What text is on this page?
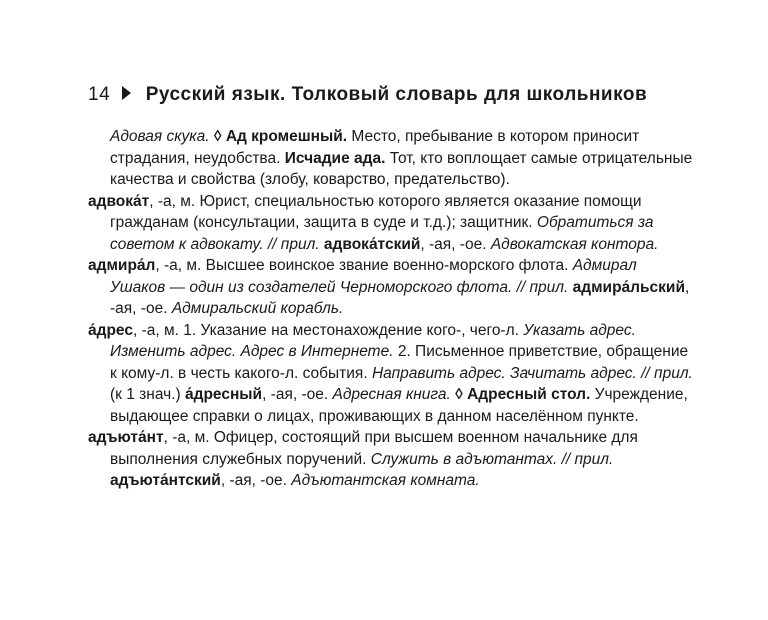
14 Русский язык. Толковый словарь для школьников

Адовая скука. ◊ Ад кромешный. Место, пребывание в котором приносит страдания, неудобства. Исчадие ада. Тот, кто воплощает самые отрицательные качества и свойства (злобу, коварство, предательство).

адвока́т, -а, м. Юрист, специальностью которого является оказание помощи гражданам (консультации, защита в суде и т.д.); защитник. Обратиться за советом к адвокату. // прил. адвока́тский, -ая, -ое. Адвокатская контора.

адмира́л, -а, м. Высшее воинское звание военно-морского флота. Адмирал Ушаков — один из создателей Черноморского флота. // прил. адмира́льский, -ая, -ое. Адмиральский корабль.

а́дрес, -а, м. 1. Указание на местонахождение кого-, чего-л. Указать адрес. Изменить адрес. Адрес в Интернете. 2. Письменное приветствие, обращение к кому-л. в честь какого-л. события. Направить адрес. Зачитать адрес. // прил. (к 1 знач.) а́дресный, -ая, -ое. Адресная книга. ◊ Адресный стол. Учреждение, выдающее справки о лицах, проживающих в данном населённом пункте.

адъюта́нт, -а, м. Офицер, состоящий при высшем военном начальнике для выполнения служебных поручений. Служить в адъютантах. // прил. адъюта́нтский, -ая, -ое. Адъютантская комната.
